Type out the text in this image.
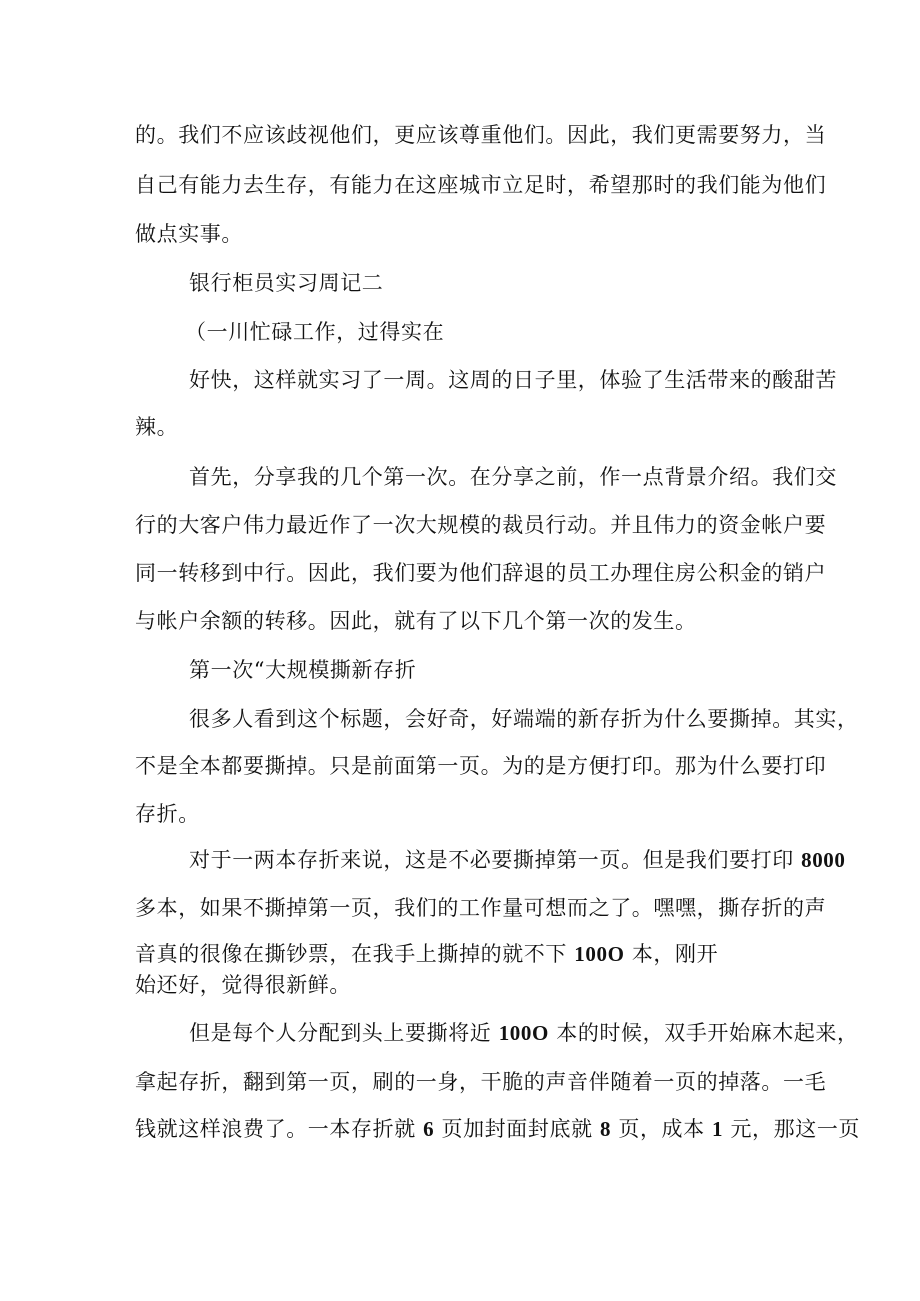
的。我们不应该歧视他们，更应该尊重他们。因此，我们更需要努力，当
自己有能力去生存，有能力在这座城市立足时，希望那时的我们能为他们
做点实事。
银行柜员实习周记二
（一川忙碌工作，过得实在
好快，这样就实习了一周。这周的日子里，体验了生活带来的酸甜苦
辣。
首先，分享我的几个第一次。在分享之前，作一点背景介绍。我们交
行的大客户伟力最近作了一次大规模的裁员行动。并且伟力的资金帐户要
同一转移到中行。因此，我们要为他们辞退的员工办理住房公积金的销户
与帐户余额的转移。因此，就有了以下几个第一次的发生。
第一次“大规模撕新存折
很多人看到这个标题，会好奇，好端端的新存折为什么要撕掉。其实，
不是全本都要撕掉。只是前面第一页。为的是方便打印。那为什么要打印
存折。
对于一两本存折来说，这是不必要撕掉第一页。但是我们要打印 8000
多本，如果不撕掉第一页，我们的工作量可想而之了。嘿嘿，撕存折的声
音真的很像在撕钞票，在我手上撕掉的就不下 100O 本，刚开
始还好，觉得很新鲜。
但是每个人分配到头上要撕将近 100O 本的时候，双手开始麻木起来，
拿起存折，翻到第一页，刷的一身，干脆的声音伴随着一页的掉落。一毛
钱就这样浪费了。一本存折就 6 页加封面封底就 8 页，成本 1 元，那这一页
